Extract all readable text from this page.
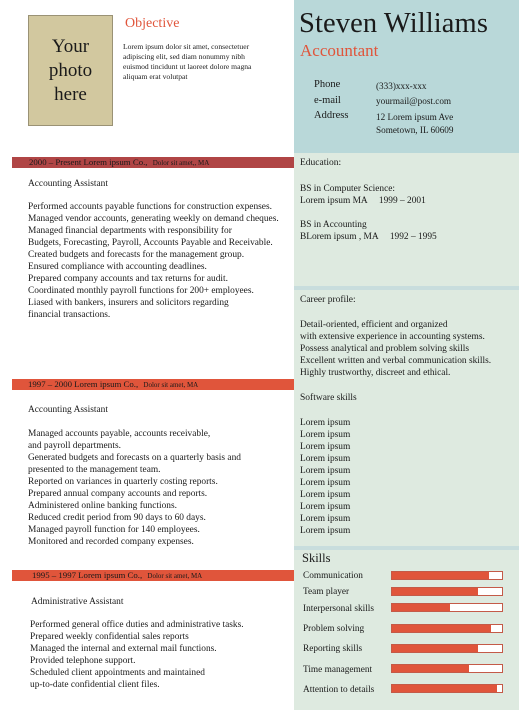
Your
photo
here
Objective
Lorem ipsum dolor sit amet, consectetuer
adipiscing elit, sed diam nonummy nibh
euismod tincidunt ut laoreet dolore magna
aliquam erat volutpat
Steven Williams
Accountant
Phone	(333)xxx-xxx
e-mail	yourmail@post.com
Address	12 Lorem ipsum Ave
Sometown, IL 60609
2000 – Present Lorem ipsum Co., Dolor sit amet,, MA
Accounting Assistant
Performed accounts payable functions for construction expenses.
Managed vendor accounts, generating weekly on demand cheques.
Managed financial departments with responsibility for
Budgets, Forecasting, Payroll, Accounts Payable and Receivable.
Created budgets and forecasts for the management group.
Ensured compliance with accounting deadlines.
Prepared company accounts and tax returns for audit.
Coordinated monthly payroll functions for 200+ employees.
Liased with bankers, insurers and solicitors regarding
financial transactions.
1997 – 2000 Lorem ipsum Co., Dolor sit amet, MA
Accounting Assistant
Managed accounts payable, accounts receivable,
and payroll departments.
Generated budgets and forecasts on a quarterly basis and
presented to the management team.
Reported on variances in quarterly costing reports.
Prepared annual company accounts and reports.
Administered online banking functions.
Reduced credit period from 90 days to 60 days.
Managed payroll function for 140 employees.
Monitored and recorded company expenses.
1995 – 1997 Lorem ipsum Co., Dolor sit amet, MA
Administrative Assistant
Performed general office duties and administrative tasks.
Prepared weekly confidential sales reports
Managed the internal and external mail functions.
Provided telephone support.
Scheduled client appointments and maintained
up-to-date confidential client files.
Education:
BS in Computer Science:
Lorem ipsum MA     1999 – 2001
BS in Accounting
BLorem ipsum , MA     1992 – 1995
Career profile:
Detail-oriented, efficient and organized
with extensive experience in accounting systems.
Possess analytical and problem solving skills
Excellent written and verbal communication skills.
Highly trustworthy, discreet and ethical.
Software skills
Lorem ipsum
Lorem ipsum
Lorem ipsum
Lorem ipsum
Lorem ipsum
Lorem ipsum
Lorem ipsum
Lorem ipsum
Lorem ipsum
Lorem ipsum
Skills
Communication
Team player
Interpersonal skills
Problem solving
Reporting skills
Time management
Attention to details
